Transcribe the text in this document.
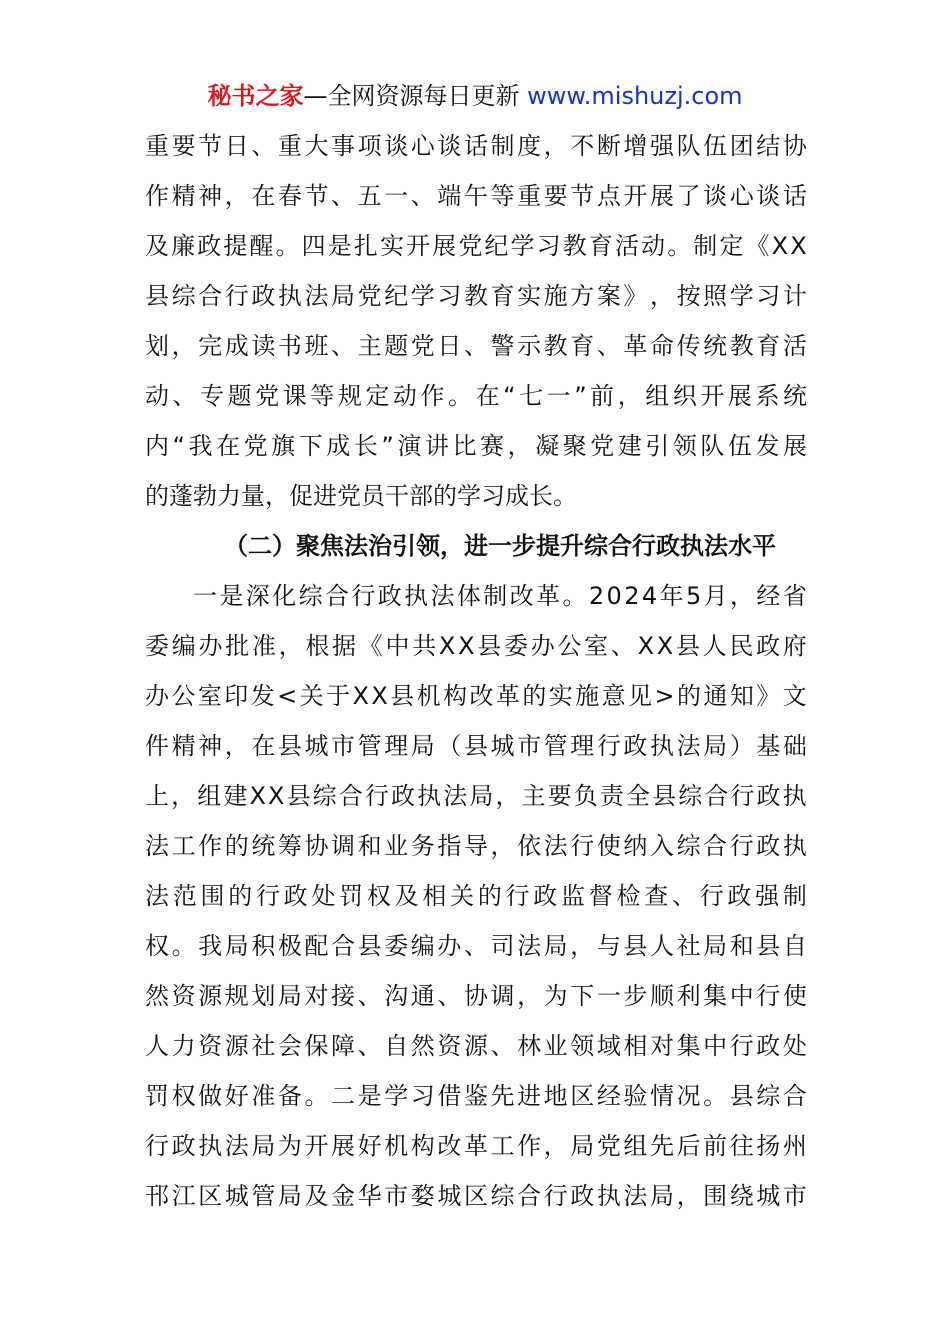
秘书之家—全网资源每日更新 www.mishuzj.com
重 要 节 日 、 重 大 事 项 谈 心 谈 话 制 度 ， 不 断 增 强 队 伍 团 结 协
作 精 神 ， 在 春 节 、 五 一 、 端 午 等 重 要 节 点 开 展 了 谈 心 谈 话
及 廉 政 提 醒 。 四 是 扎 实 开 展 党 纪 学 习 教 育 活 动 。 制 定 《 X X
县 综 合 行 政 执 法 局 党 纪 学 习 教 育 实 施 方 案 》 ， 按 照 学 习 计
划 ， 完 成 读 书 班 、 主 题 党 日 、 警 示 教 育 、 革 命 传 统 教 育 活
动 、 专 题 党 课 等 规 定 动 作 。 在 “ 七 一 ” 前 ， 组 织 开 展 系 统
内 “ 我 在 党 旗 下 成 长 ” 演 讲 比 赛 ， 凝 聚 党 建 引 领 队 伍 发 展
的蓬勃力量，促进党员干部的学习成长。
（二）聚焦法治引领，进一步提升综合行政执法水平
一 是 深 化 综 合 行 政 执 法 体 制 改 革 。 2 0 2 4 年 5 月 ， 经 省
委 编 办 批 准 ， 根 据 《 中 共 X X 县 委 办 公 室 、 X X 县 人 民 政 府
办 公 室 印 发 < 关 于 X X 县 机 构 改 革 的 实 施 意 见 > 的 通 知 》 文
件 精 神 ， 在 县 城 市 管 理 局 （ 县 城 市 管 理 行 政 执 法 局 ） 基 础
上 ， 组 建 X X 县 综 合 行 政 执 法 局 ， 主 要 负 责 全 县 综 合 行 政 执
法 工 作 的 统 筹 协 调 和 业 务 指 导 ， 依 法 行 使 纳 入 综 合 行 政 执
法 范 围 的 行 政 处 罚 权 及 相 关 的 行 政 监 督 检 查 、 行 政 强 制
权 。 我 局 积 极 配 合 县 委 编 办 、 司 法 局 ， 与 县 人 社 局 和 县 自
然 资 源 规 划 局 对 接 、 沟 通 、 协 调 ， 为 下 一 步 顺 利 集 中 行 使
人 力 资 源 社 会 保 障 、 自 然 资 源 、 林 业 领 域 相 对 集 中 行 政 处
罚 权 做 好 准 备 。 二 是 学 习 借 鉴 先 进 地 区 经 验 情 况 。 县 综 合
行 政 执 法 局 为 开 展 好 机 构 改 革 工 作 ， 局 党 组 先 后 前 往 扬 州
邗 江 区 城 管 局 及 金 华 市 婺 城 区 综 合 行 政 执 法 局 ， 围 绕 城 市
